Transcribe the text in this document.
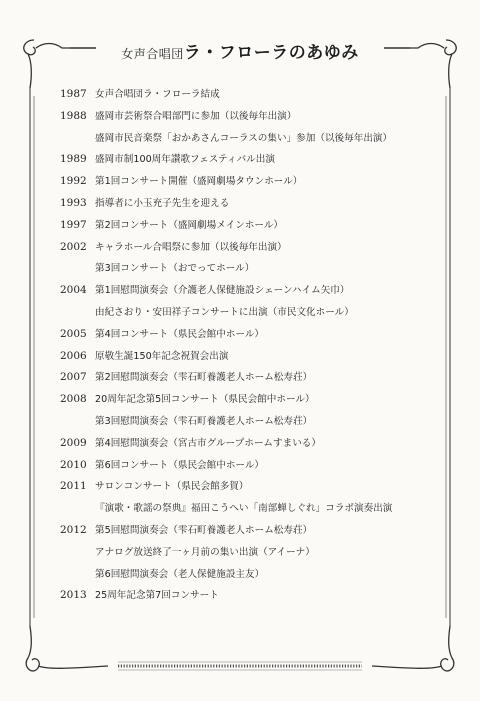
女声合唱団ラ・フローラのあゆみ
1987 女声合唱団ラ・フローラ結成
1988 盛岡市芸術祭合唱部門に参加（以後毎年出演）
盛岡市民音楽祭「おかあさんコーラスの集い」参加（以後毎年出演）
1989 盛岡市制100周年讃歌フェスティバル出演
1992 第1回コンサート開催（盛岡劇場タウンホール）
1993 指導者に小玉充子先生を迎える
1997 第2回コンサート（盛岡劇場メインホール）
2002 キャラホール合唱祭に参加（以後毎年出演）
第3回コンサート（おでってホール）
2004 第1回慰問演奏会（介護老人保健施設シェーンハイム矢巾）
由紀さおり・安田祥子コンサートに出演（市民文化ホール）
2005 第4回コンサート（県民会館中ホール）
2006 原敬生誕150年記念祝賀会出演
2007 第2回慰問演奏会（雫石町養護老人ホーム松寿荘）
2008 20周年記念第5回コンサート（県民会館中ホール）
第3回慰問演奏会（雫石町養護老人ホーム松寿荘）
2009 第4回慰問演奏会（宮古市グループホームすまいる）
2010 第6回コンサート（県民会館中ホール）
2011 サロンコンサート（県民会館多賀）
『演歌・歌謡の祭典』福田こうへい「南部蝉しぐれ」コラボ演奏出演
2012 第5回慰問演奏会（雫石町養護老人ホーム松寿荘）
アナログ放送終了一ヶ月前の集い出演（アイーナ）
第6回慰問演奏会（老人保健施設主友）
2013 25周年記念第7回コンサート
